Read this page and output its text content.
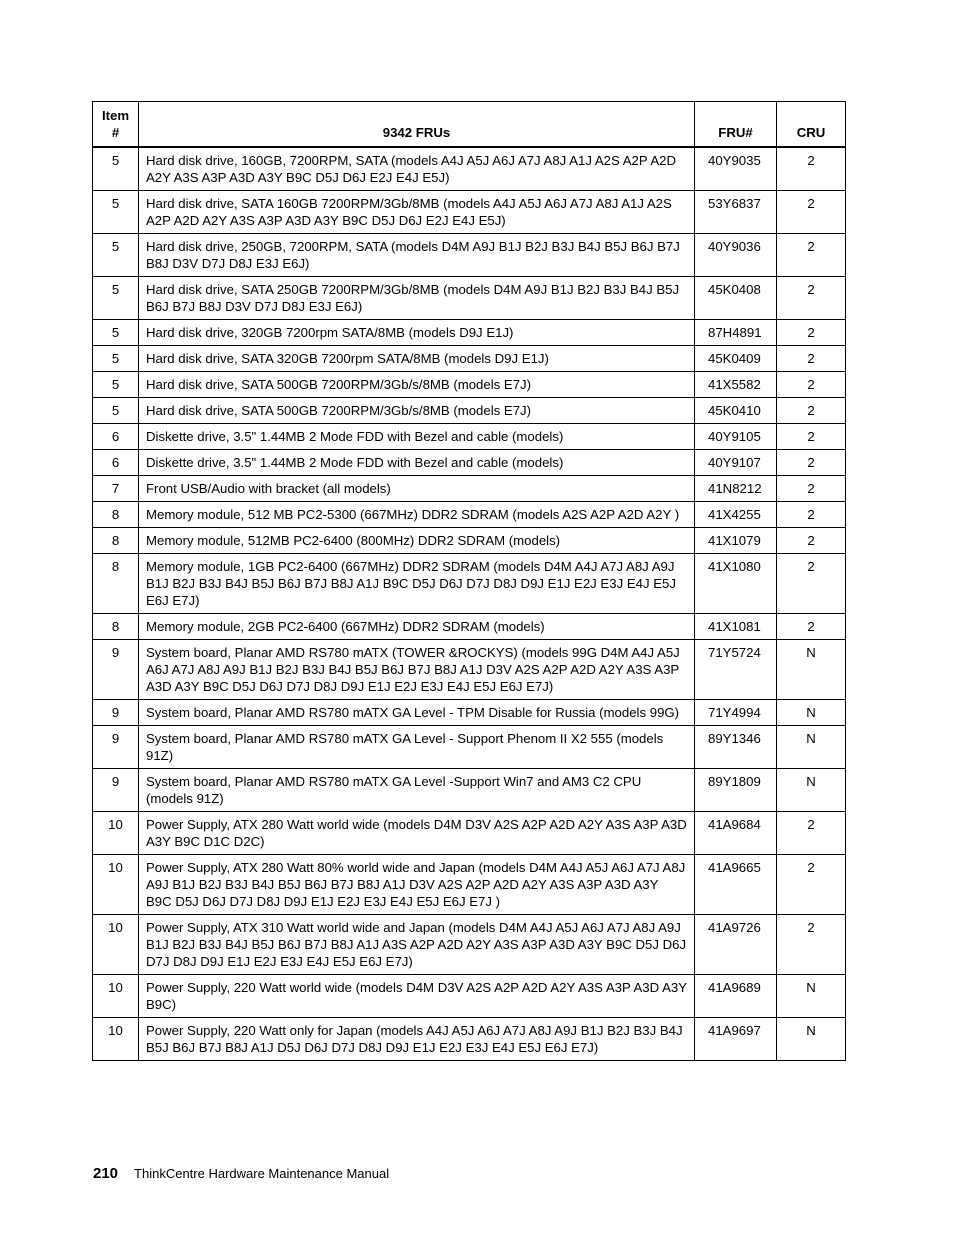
Item #	9342 FRUs	FRU#	CRU
5	Hard disk drive, 160GB, 7200RPM, SATA (models A4J A5J A6J A7J A8J A1J A2S A2P A2D A2Y A3S A3P A3D A3Y B9C D5J D6J E2J E4J E5J)	40Y9035	2
5	Hard disk drive, SATA 160GB 7200RPM/3Gb/8MB (models A4J A5J A6J A7J A8J A1J A2S A2P A2D A2Y A3S A3P A3D A3Y B9C D5J D6J E2J E4J E5J)	53Y6837	2
5	Hard disk drive, 250GB, 7200RPM, SATA (models D4M A9J B1J B2J B3J B4J B5J B6J B7J B8J D3V D7J D8J E3J E6J)	40Y9036	2
5	Hard disk drive, SATA 250GB 7200RPM/3Gb/8MB (models D4M A9J B1J B2J B3J B4J B5J B6J B7J B8J D3V D7J D8J E3J E6J)	45K0408	2
5	Hard disk drive, 320GB 7200rpm SATA/8MB (models D9J E1J)	87H4891	2
5	Hard disk drive, SATA 320GB 7200rpm SATA/8MB (models D9J E1J)	45K0409	2
5	Hard disk drive, SATA 500GB 7200RPM/3Gb/s/8MB (models E7J)	41X5582	2
5	Hard disk drive, SATA 500GB 7200RPM/3Gb/s/8MB (models E7J)	45K0410	2
6	Diskette drive, 3.5" 1.44MB 2 Mode FDD with Bezel and cable (models)	40Y9105	2
6	Diskette drive, 3.5" 1.44MB 2 Mode FDD with Bezel and cable (models)	40Y9107	2
7	Front USB/Audio with bracket (all models)	41N8212	2
8	Memory module, 512 MB PC2-5300 (667MHz) DDR2 SDRAM (models A2S A2P A2D A2Y )	41X4255	2
8	Memory module, 512MB PC2-6400 (800MHz) DDR2 SDRAM (models)	41X1079	2
8	Memory module, 1GB PC2-6400 (667MHz) DDR2 SDRAM (models D4M A4J A7J A8J A9J B1J B2J B3J B4J B5J B6J B7J B8J A1J B9C D5J D6J D7J D8J D9J E1J E2J E3J E4J E5J E6J E7J)	41X1080	2
8	Memory module, 2GB PC2-6400 (667MHz) DDR2 SDRAM (models)	41X1081	2
9	System board, Planar AMD RS780 mATX (TOWER &ROCKYS) (models 99G D4M A4J A5J A6J A7J A8J A9J B1J B2J B3J B4J B5J B6J B7J B8J A1J D3V A2S A2P A2D A2Y A3S A3P A3D A3Y B9C D5J D6J D7J D8J D9J E1J E2J E3J E4J E5J E6J E7J)	71Y5724	N
9	System board, Planar AMD RS780 mATX GA Level - TPM Disable for Russia (models 99G)	71Y4994	N
9	System board, Planar AMD RS780 mATX GA Level - Support Phenom II X2 555 (models 91Z)	89Y1346	N
9	System board, Planar AMD RS780 mATX GA Level -Support Win7 and AM3 C2 CPU (models 91Z)	89Y1809	N
10	Power Supply, ATX 280 Watt world wide (models D4M D3V A2S A2P A2D A2Y A3S A3P A3D A3Y B9C D1C D2C)	41A9684	2
10	Power Supply, ATX 280 Watt 80% world wide and Japan (models D4M A4J A5J A6J A7J A8J A9J B1J B2J B3J B4J B5J B6J B7J B8J A1J D3V A2S A2P A2D A2Y A3S A3P A3D A3Y B9C D5J D6J D7J D8J D9J E1J E2J E3J E4J E5J E6J E7J )	41A9665	2
10	Power Supply, ATX 310 Watt world wide and Japan (models D4M A4J A5J A6J A7J A8J A9J B1J B2J B3J B4J B5J B6J B7J B8J A1J A3S A2P A2D A2Y A3S A3P A3D A3Y B9C D5J D6J D7J D8J D9J E1J E2J E3J E4J E5J E6J E7J)	41A9726	2
10	Power Supply, 220 Watt world wide (models D4M D3V A2S A2P A2D A2Y A3S A3P A3D A3Y B9C)	41A9689	N
10	Power Supply, 220 Watt only for Japan (models A4J A5J A6J A7J A8J A9J B1J B2J B3J B4J B5J B6J B7J B8J A1J D5J D6J D7J D8J D9J E1J E2J E3J E4J E5J E6J E7J)	41A9697	N
210 ThinkCentre Hardware Maintenance Manual
